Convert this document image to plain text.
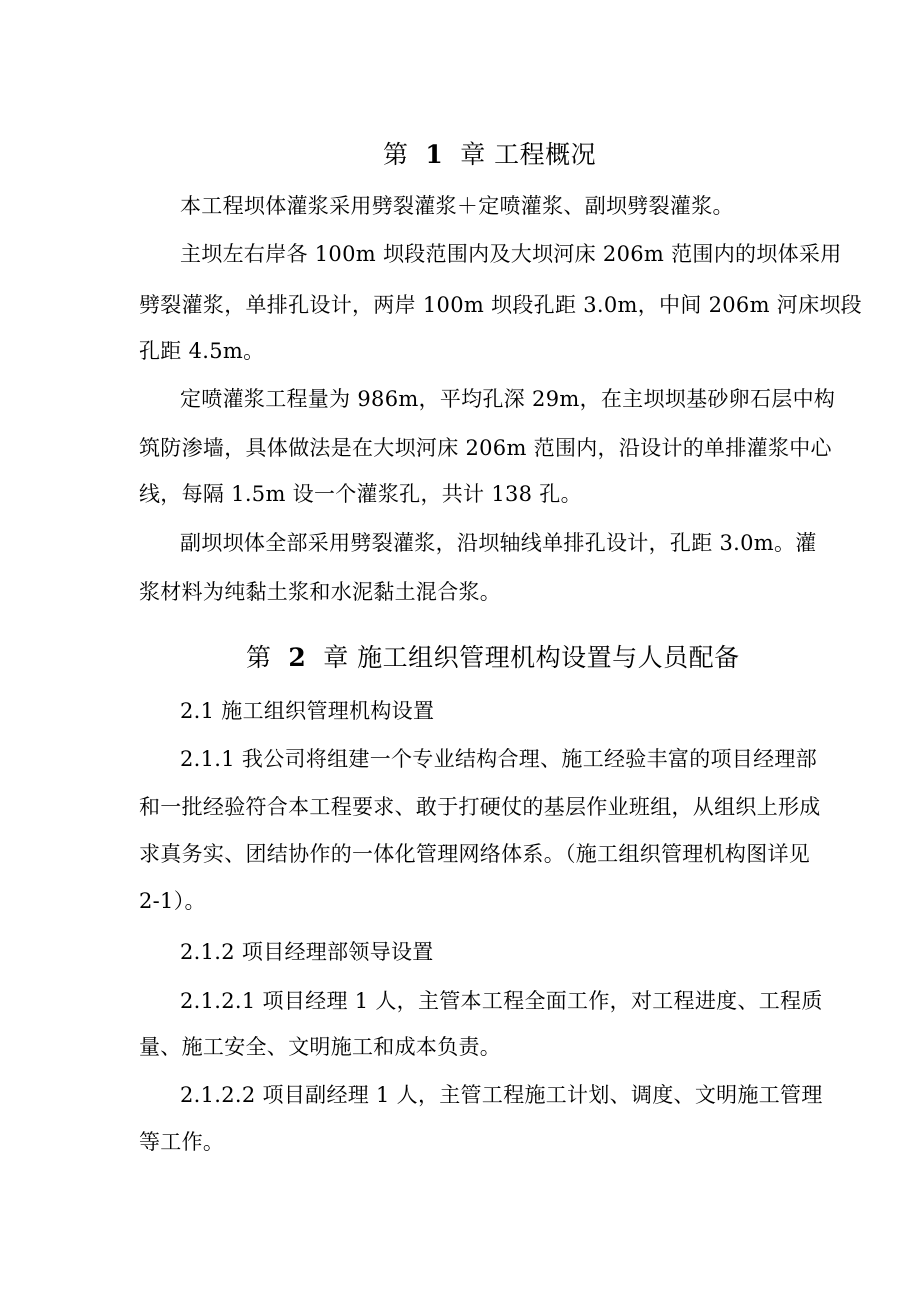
第 1 章 工程概况
本工程坝体灌浆采用劈裂灌浆＋定喷灌浆、副坝劈裂灌浆。
主坝左右岸各 100m 坝段范围内及大坝河床 206m 范围内的坝体采用
劈裂灌浆，单排孔设计，两岸 100m 坝段孔距 3.0m，中间 206m 河床坝段
孔距 4.5m。
定喷灌浆工程量为 986m，平均孔深 29m，在主坝坝基砂卵石层中构
筑防渗墙，具体做法是在大坝河床 206m 范围内，沿设计的单排灌浆中心
线，每隔 1.5m 设一个灌浆孔，共计 138 孔。
副坝坝体全部采用劈裂灌浆，沿坝轴线单排孔设计，孔距 3.0m。灌
浆材料为纯黏土浆和水泥黏土混合浆。
第 2 章 施工组织管理机构设置与人员配备
2.1 施工组织管理机构设置
2.1.1 我公司将组建一个专业结构合理、施工经验丰富的项目经理部
和一批经验符合本工程要求、敢于打硬仗的基层作业班组，从组织上形成
求真务实、团结协作的一体化管理网络体系。（施工组织管理机构图详见
2-1）。
2.1.2 项目经理部领导设置
2.1.2.1 项目经理 1 人，主管本工程全面工作，对工程进度、工程质
量、施工安全、文明施工和成本负责。
2.1.2.2 项目副经理 1 人，主管工程施工计划、调度、文明施工管理
等工作。
